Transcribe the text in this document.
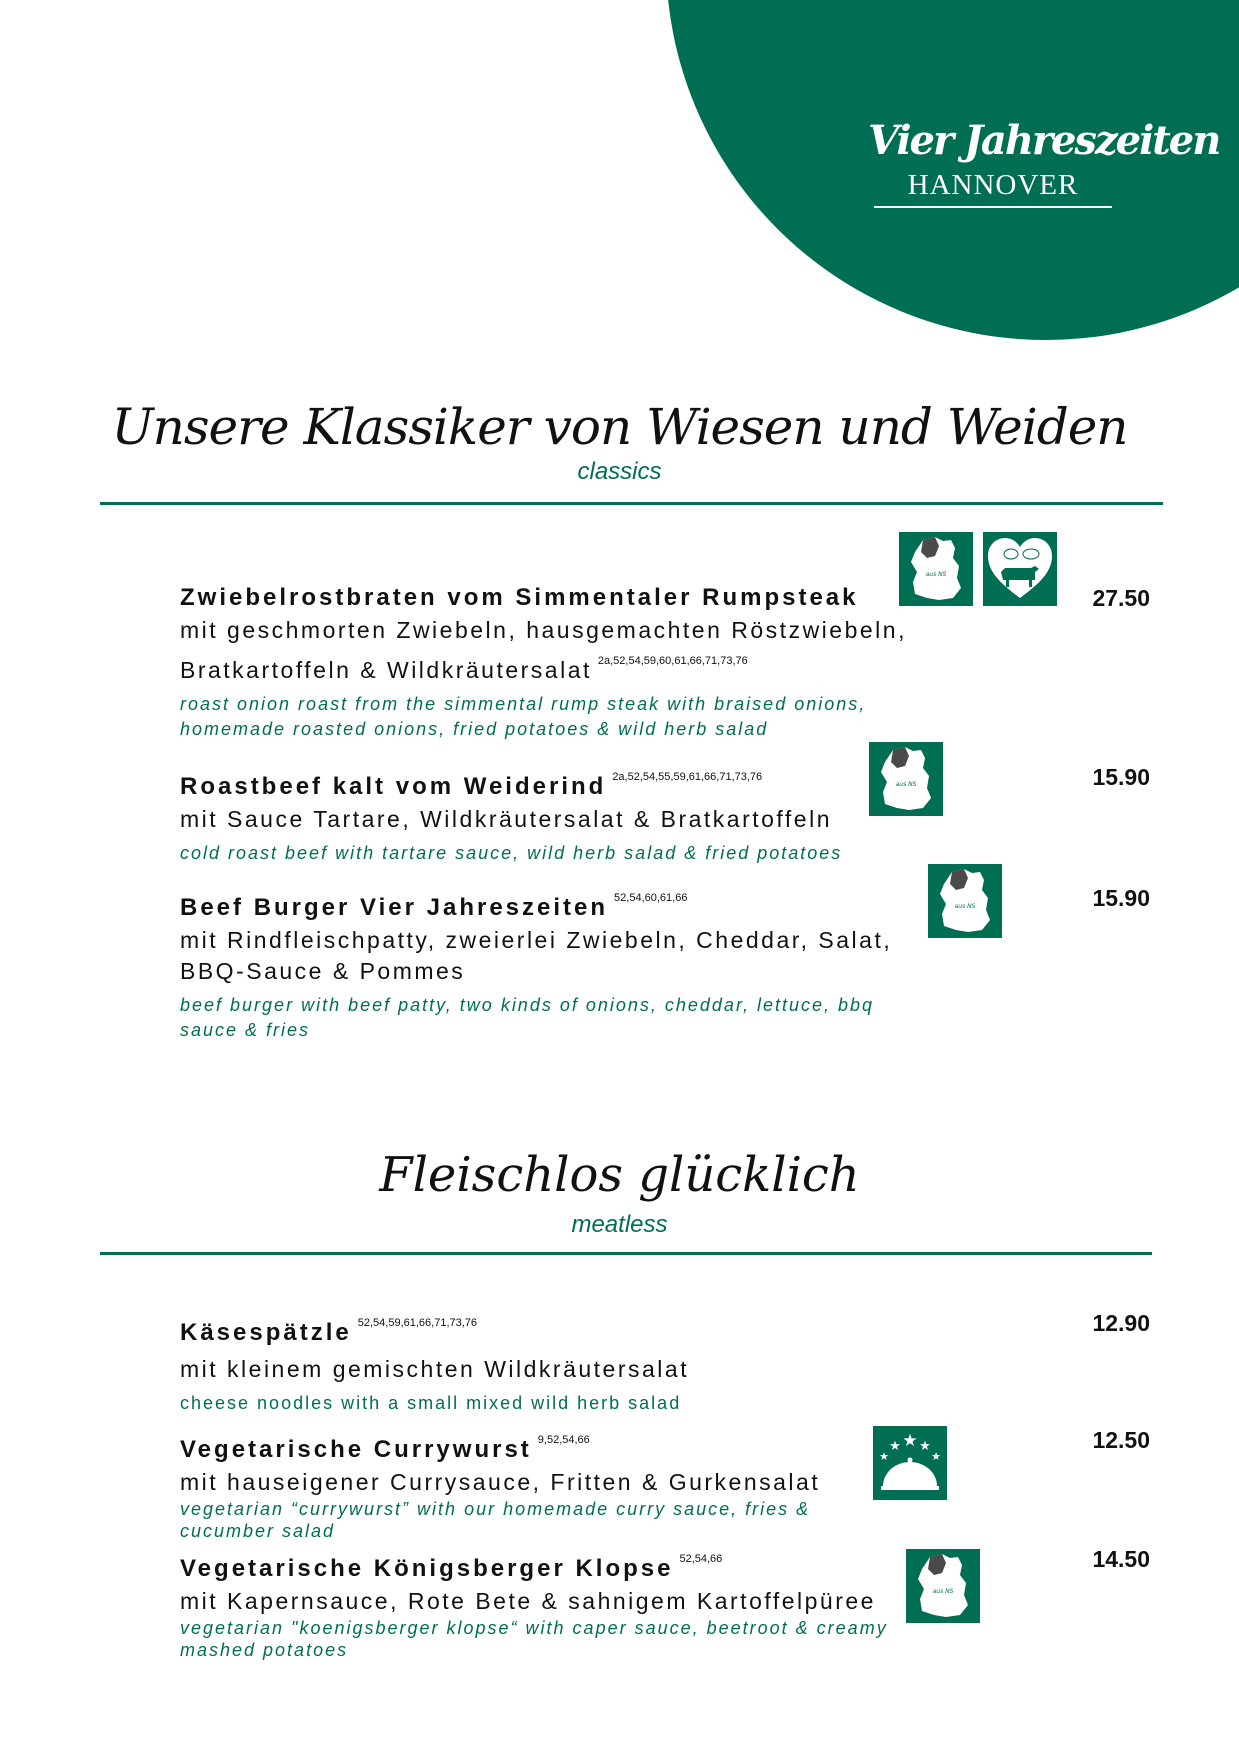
Vier Jahreszeiten
HANNOVER
Unsere Klassiker von Wiesen und Weiden
classics
Zwiebelrostbraten vom Simmentaler Rumpsteak
mit geschmorten Zwiebeln, hausgemachten Röstzwiebeln,
Bratkartoffeln & Wildkräutersalat $^{2a,52,54,59,60,61,66,71,73,76}$
roast onion roast from the simmental rump steak with braised onions, homemade roasted onions, fried potatoes & wild herb salad
27.50
Roastbeef kalt vom Weiderind $^{2a,52,54,55,59,61,66,71,73,76}$
mit Sauce Tartare, Wildkräutersalat & Bratkartoffeln
cold roast beef with tartare sauce, wild herb salad & fried potatoes
15.90
Beef Burger Vier Jahreszeiten $^{52,54,60,61,66}$
mit Rindfleischpatty, zweierlei Zwiebeln, Cheddar, Salat, BBQ-Sauce & Pommes
beef burger with beef patty, two kinds of onions, cheddar, lettuce, bbq sauce & fries
15.90
Fleischlos glücklich
meatless
Käsespätzle $^{52,54,59,61,66,71,73,76}$
mit kleinem gemischten Wildkräutersalat
cheese noodles with a small mixed wild herb salad
12.90
Vegetarische Currywurst $^{9,52,54,66}$
mit hauseigener Currysauce, Fritten & Gurkensalat
vegetarian “currywurst” with our homemade curry sauce, fries & cucumber salad
12.50
Vegetarische Königsberger Klopse $^{52,54,66}$
mit Kapernsauce, Rote Bete & sahnigem Kartoffelpüree
vegetarian "koenigsberger klopse“ with caper sauce, beetroot & creamy mashed potatoes
14.50
aus NS
aus NS
aus NS
★
★ ★
★	★
aus NS
